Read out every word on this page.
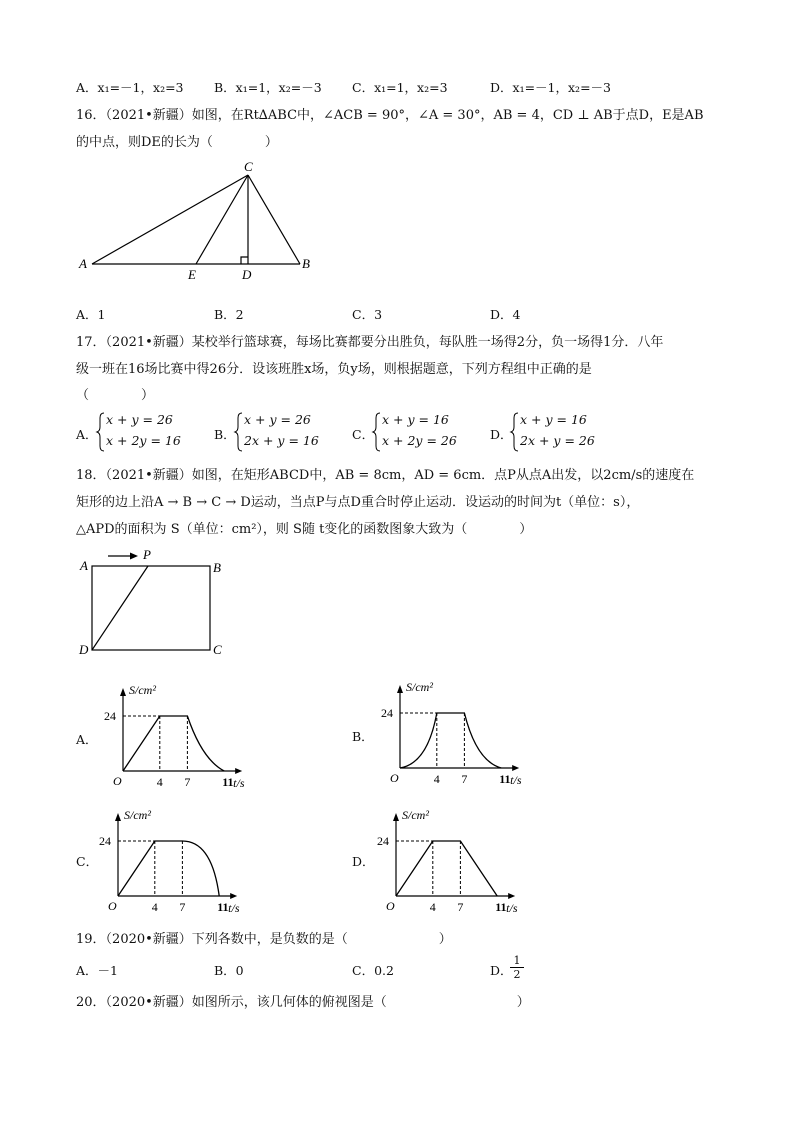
A．x₁=－1，x₂=3 B．x₁=1，x₂=－3 C．x₁=1，x₂=3	D．x₁=－1，x₂=－3
16．（2021•新疆）如图，在Rt∆ABC中，∠ACB = 90°，∠A = 30°，AB = 4，CD ⊥ AB于点D，E是AB
的中点，则DE的长为（　　　　）
A	B
C
D
E
A．1	B．2	C．3	D．4
17．（2021•新疆）某校举行篮球赛，每场比赛都要分出胜负，每队胜一场得2分，负一场得1分．八年
级一班在16场比赛中得26分．设该班胜x场，负y场，则根据题意，下列方程组中正确的是
（　　　　）
A．
x + y = 26
x + 2y = 16	B．
x + y = 26
2x + y = 16	C．
x + y = 16
x + 2y = 26	D．
x + y = 16
2x + y = 26
18．（2021•新疆）如图，在矩形ABCD中，AB = 8cm，AD = 6cm．点P从点A出发，以2cm/s的速度在
矩形的边上沿A → B → C → D运动，当点P与点D重合时停止运动．设运动的时间为t（单位：s），
△APD的面积为 S（单位：cm²），则 S随 t变化的函数图象大致为（　　　　）
A	B
C
D
P
A．	B．
C．	D．
24
4 7	11
O
S/cm²
t/s
24
4 7	11
O
S/cm²
t/s
24
4 7	11
O
S/cm²
t/s
24
4 7	11
O
S/cm²
t/s
19．（2020•新疆）下列各数中，是负数的是（　　　　　　　）
A．－1	B．0	C．0.2	D．
$\frac{1}{2}$
20．（2020•新疆）如图所示，该几何体的俯视图是（　　　　　　　　　　）
